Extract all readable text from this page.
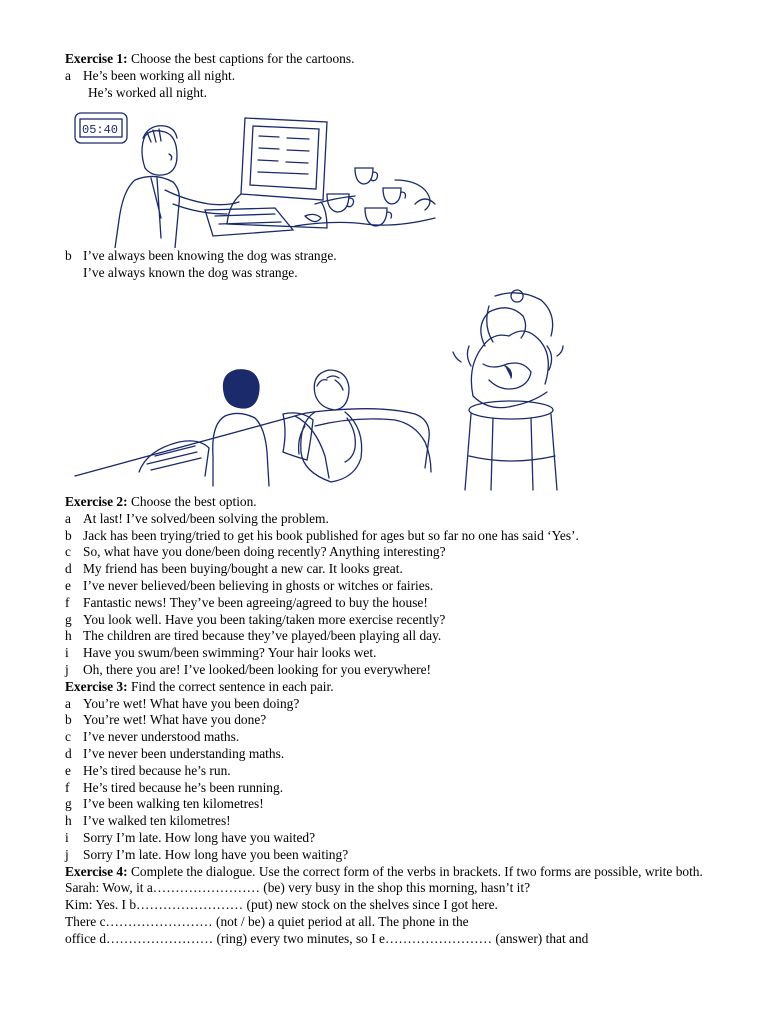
Exercise 1: Choose the best captions for the cartoons.
a He’s been working all night.
He’s worked all night.
05:40
b I’ve always been knowing the dog was strange.
I’ve always known the dog was strange.
Exercise 2: Choose the best option.
a At last! I’ve solved/been solving the problem.
b Jack has been trying/tried to get his book published for ages but so far no one has said ‘Yes’.
c So, what have you done/been doing recently? Anything interesting?
d My friend has been buying/bought a new car. It looks great.
e I’ve never believed/been believing in ghosts or witches or fairies.
f Fantastic news! They’ve been agreeing/agreed to buy the house!
g You look well. Have you been taking/taken more exercise recently?
h The children are tired because they’ve played/been playing all day.
i Have you swum/been swimming? Your hair looks wet.
j Oh, there you are! I’ve looked/been looking for you everywhere!
Exercise 3: Find the correct sentence in each pair.
a You’re wet! What have you been doing?
b You’re wet! What have you done?
c I’ve never understood maths.
d I’ve never been understanding maths.
e He’s tired because he’s run.
f He’s tired because he’s been running.
g I’ve been walking ten kilometres!
h I’ve walked ten kilometres!
i Sorry I’m late. How long have you waited?
j Sorry I’m late. How long have you been waiting?
Exercise 4: Complete the dialogue. Use the correct form of the verbs in brackets. If two forms are possible, write both.
Sarah: Wow, it a…………………… (be) very busy in the shop this morning, hasn’t it?
Kim: Yes. I b…………………… (put) new stock on the shelves since I got here.
There c…………………… (not / be) a quiet period at all. The phone in the
office d…………………… (ring) every two minutes, so I e…………………… (answer) that and
